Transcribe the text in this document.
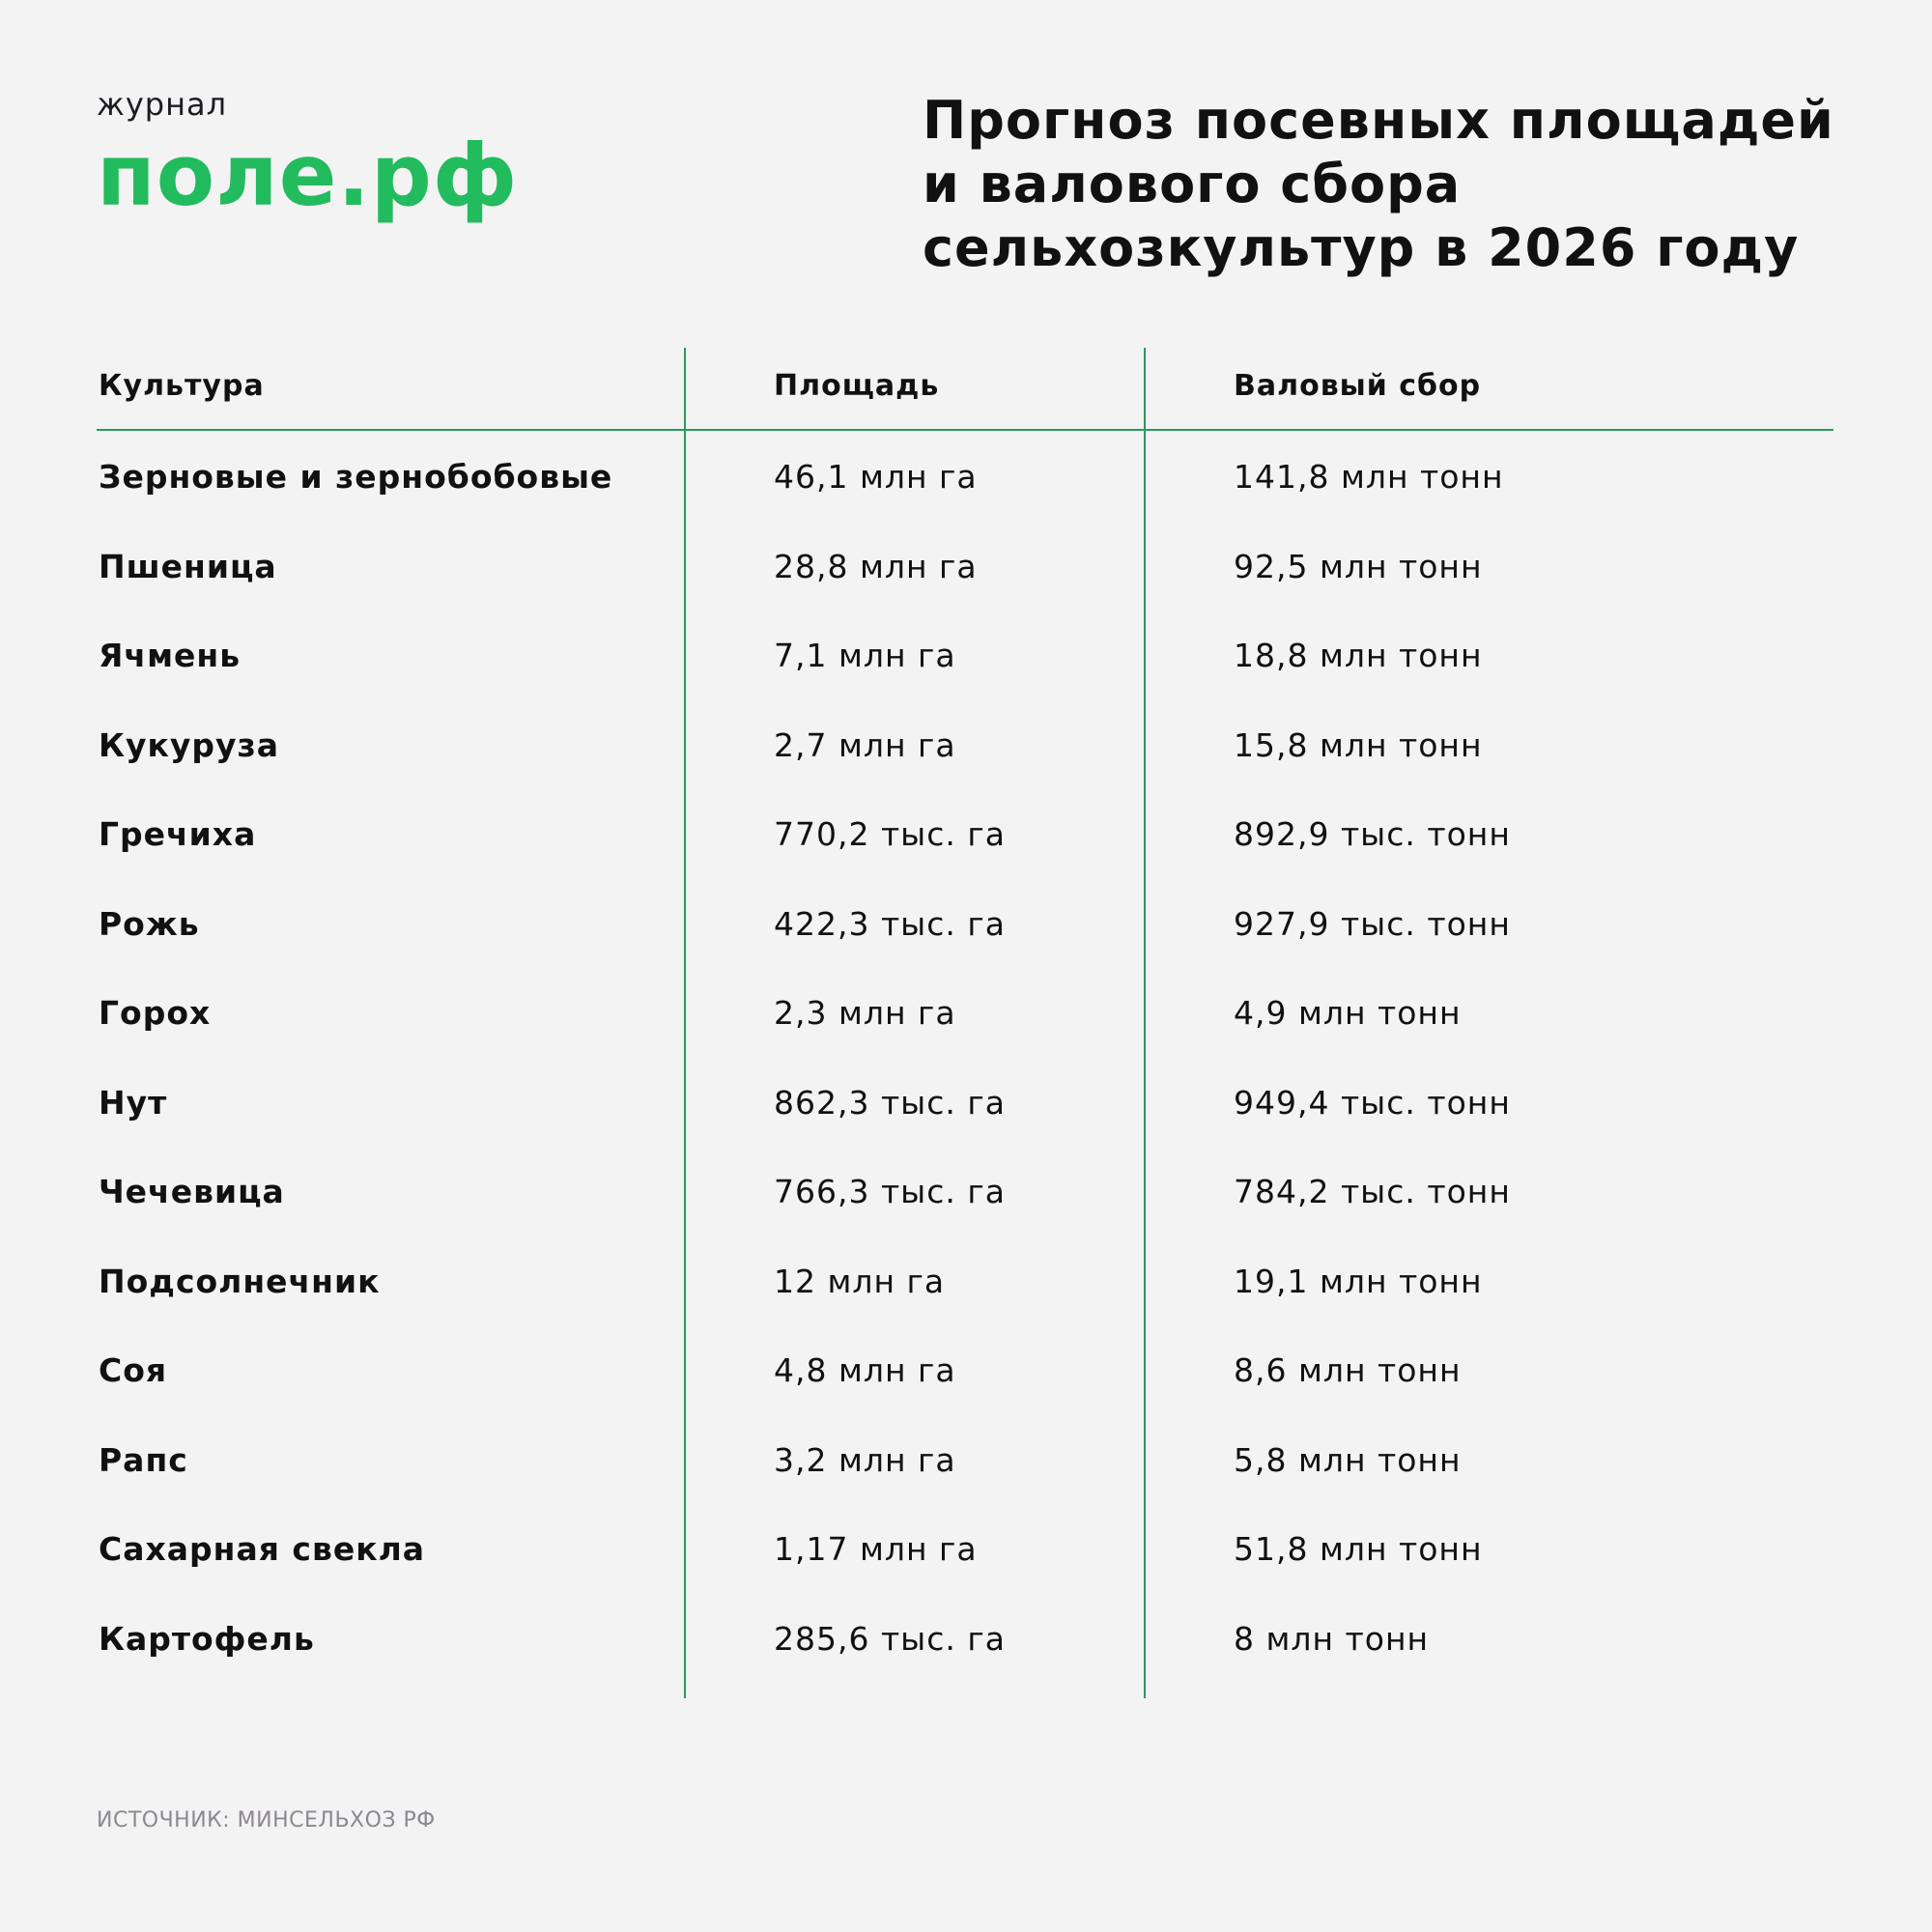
журнал
поле.рф
Прогноз посевных площадей
и валового сбора
сельхозкультур в 2026 году
Культура	Площадь	Валовый сбор
Зерновые и зернобобовые	46,1 млн га	141,8 млн тонн
Пшеница	28,8 млн га	92,5 млн тонн
Ячмень	7,1 млн га	18,8 млн тонн
Кукуруза	2,7 млн га	15,8 млн тонн
Гречиха	770,2 тыс. га	892,9 тыс. тонн
Рожь	422,3 тыс. га	927,9 тыс. тонн
Горох	2,3 млн га	4,9 млн тонн
Нут	862,3 тыс. га	949,4 тыс. тонн
Чечевица	766,3 тыс. га	784,2 тыс. тонн
Подсолнечник	12 млн га	19,1 млн тонн
Соя	4,8 млн га	8,6 млн тонн
Рапс	3,2 млн га	5,8 млн тонн
Сахарная свекла	1,17 млн га	51,8 млн тонн
Картофель	285,6 тыс. га	8 млн тонн
ИСТОЧНИК: МИНСЕЛЬХОЗ РФ
